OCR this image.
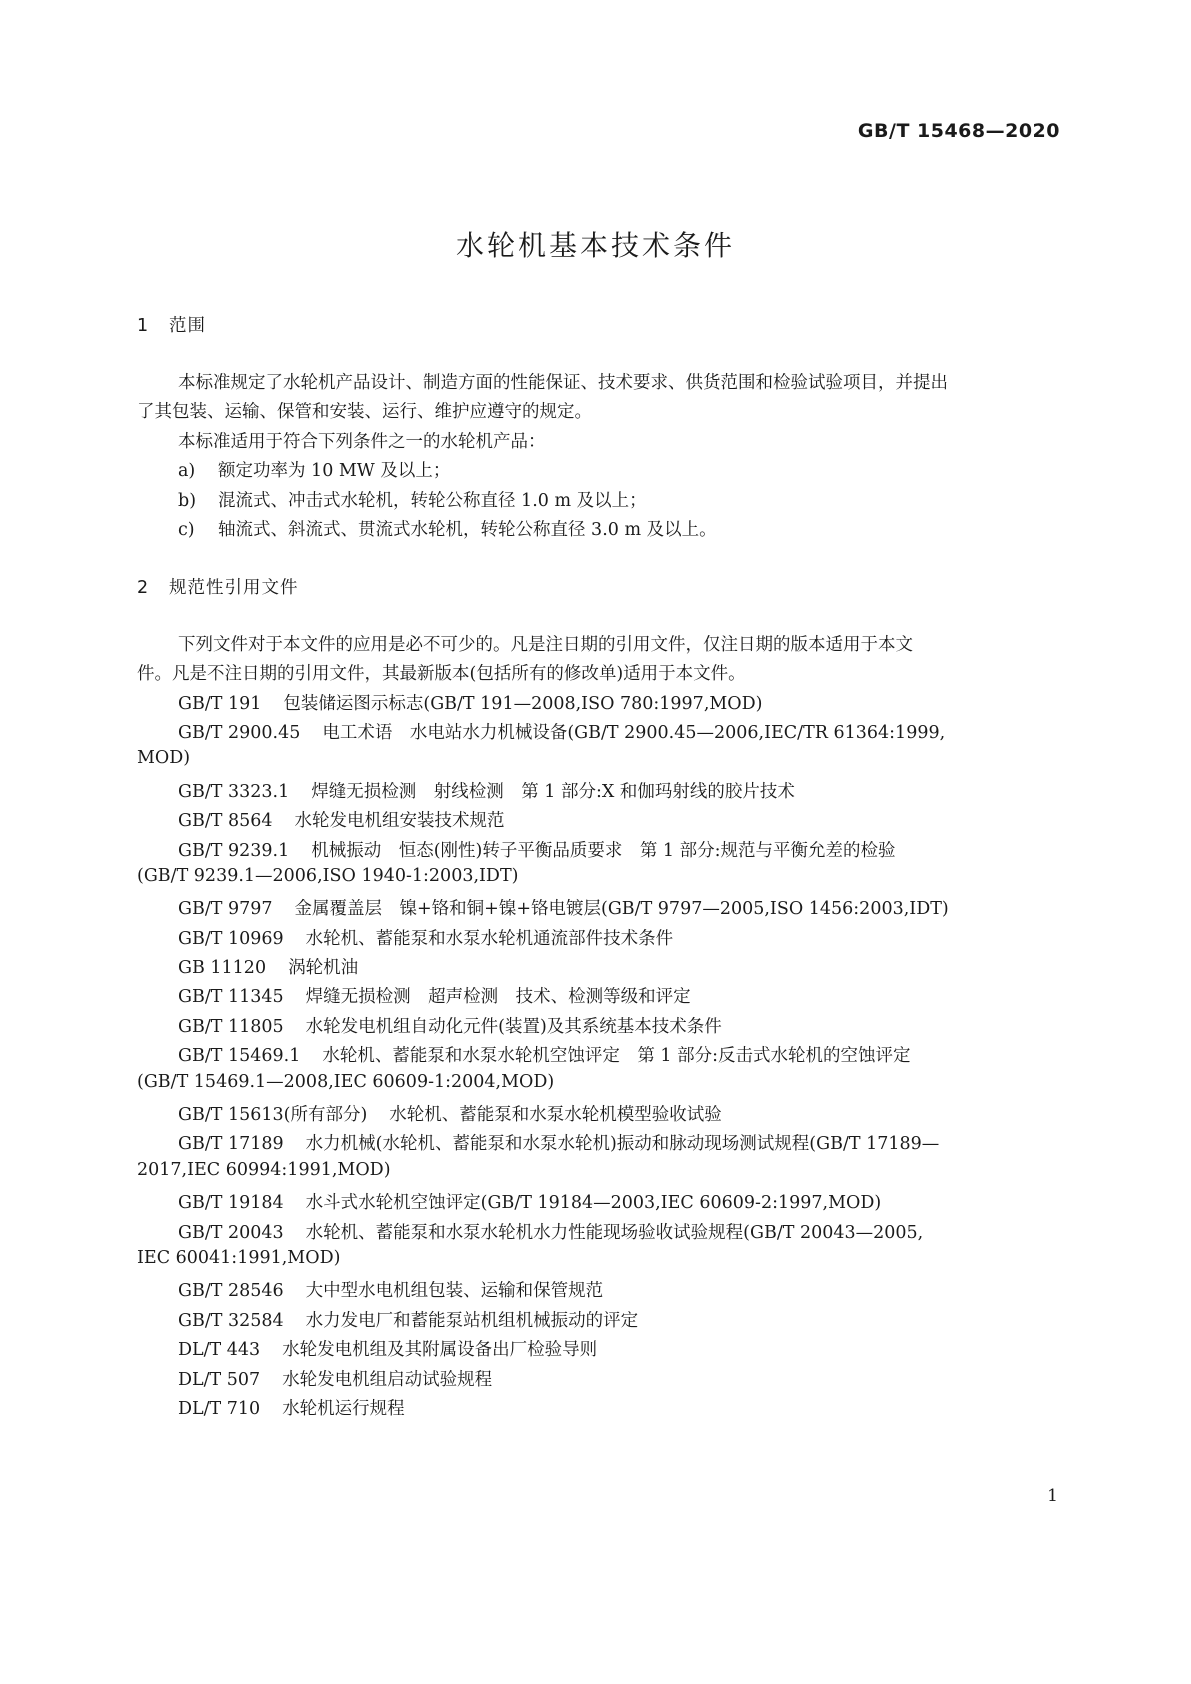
GB/T 15468—2020
水轮机基本技术条件
1 范围
本标准规定了水轮机产品设计、制造方面的性能保证、技术要求、供货范围和检验试验项目，并提出
了其包装、运输、保管和安装、运行、维护应遵守的规定。
本标准适用于符合下列条件之一的水轮机产品：
a) 额定功率为 10 MW 及以上；
b) 混流式、冲击式水轮机，转轮公称直径 1.0 m 及以上；
c) 轴流式、斜流式、贯流式水轮机，转轮公称直径 3.0 m 及以上。
2 规范性引用文件
下列文件对于本文件的应用是必不可少的。凡是注日期的引用文件，仅注日期的版本适用于本文
件。凡是不注日期的引用文件，其最新版本(包括所有的修改单)适用于本文件。
GB/T 191 包装储运图示标志(GB/T 191—2008,ISO 780:1997,MOD)
GB/T 2900.45 电工术语　水电站水力机械设备(GB/T 2900.45—2006,IEC/TR 61364:1999,
MOD)
GB/T 3323.1 焊缝无损检测　射线检测　第 1 部分:X 和伽玛射线的胶片技术
GB/T 8564 水轮发电机组安装技术规范
GB/T 9239.1 机械振动　恒态(刚性)转子平衡品质要求　第 1 部分:规范与平衡允差的检验
(GB/T 9239.1—2006,ISO 1940-1:2003,IDT)
GB/T 9797 金属覆盖层　镍+铬和铜+镍+铬电镀层(GB/T 9797—2005,ISO 1456:2003,IDT)
GB/T 10969 水轮机、蓄能泵和水泵水轮机通流部件技术条件
GB 11120 涡轮机油
GB/T 11345 焊缝无损检测　超声检测　技术、检测等级和评定
GB/T 11805 水轮发电机组自动化元件(装置)及其系统基本技术条件
GB/T 15469.1 水轮机、蓄能泵和水泵水轮机空蚀评定　第 1 部分:反击式水轮机的空蚀评定
(GB/T 15469.1—2008,IEC 60609-1:2004,MOD)
GB/T 15613(所有部分) 水轮机、蓄能泵和水泵水轮机模型验收试验
GB/T 17189 水力机械(水轮机、蓄能泵和水泵水轮机)振动和脉动现场测试规程(GB/T 17189—
2017,IEC 60994:1991,MOD)
GB/T 19184 水斗式水轮机空蚀评定(GB/T 19184—2003,IEC 60609-2:1997,MOD)
GB/T 20043 水轮机、蓄能泵和水泵水轮机水力性能现场验收试验规程(GB/T 20043—2005,
IEC 60041:1991,MOD)
GB/T 28546 大中型水电机组包装、运输和保管规范
GB/T 32584 水力发电厂和蓄能泵站机组机械振动的评定
DL/T 443 水轮发电机组及其附属设备出厂检验导则
DL/T 507 水轮发电机组启动试验规程
DL/T 710 水轮机运行规程
1
